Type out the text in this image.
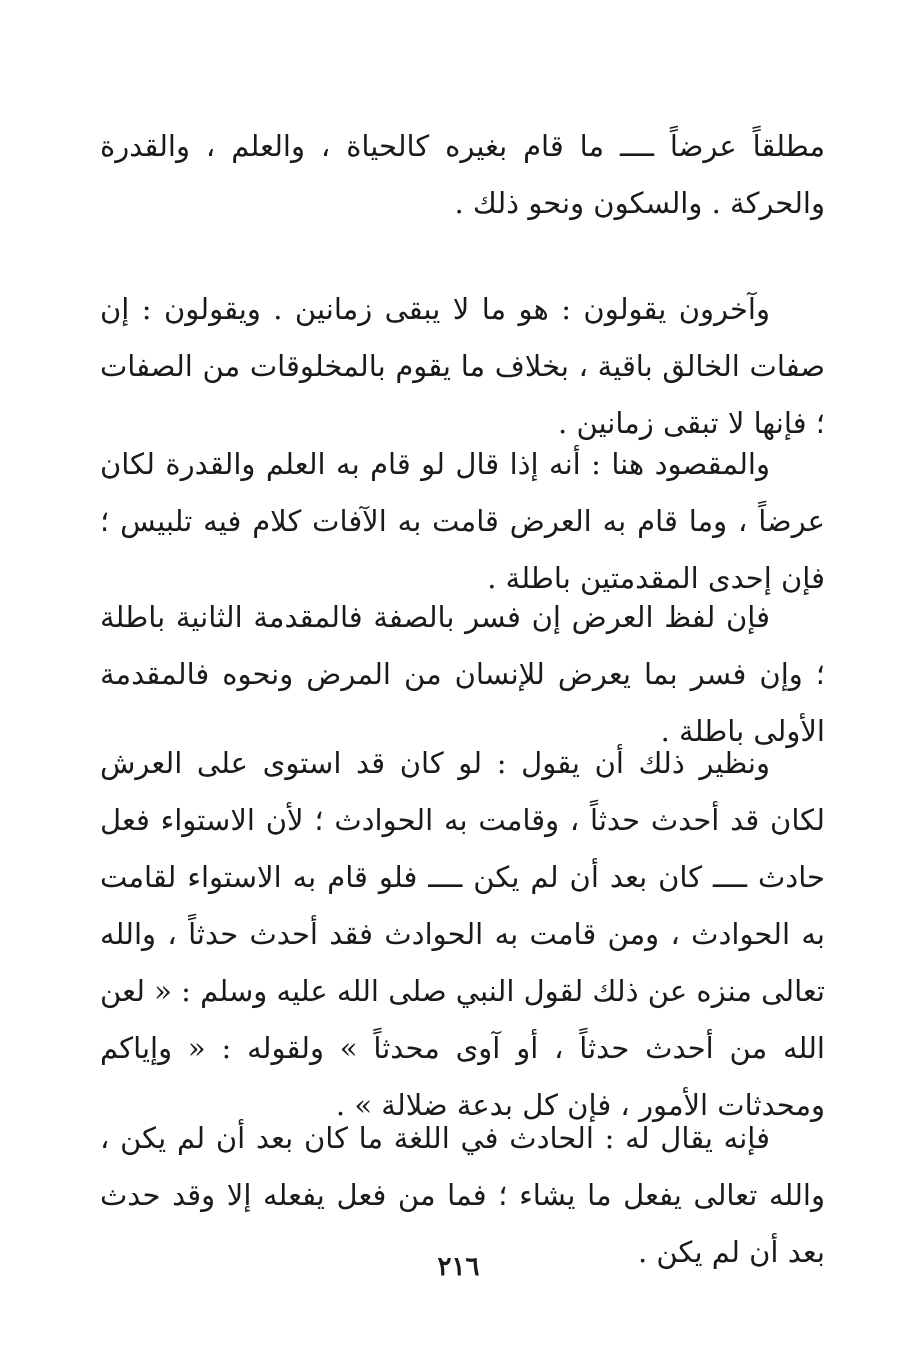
مطلقاً عرضاً ــــ ما قام بغيره كالحياة ، والعلم ، والقدرة والحركة . والسكون ونحو ذلك .

وآخرون يقولون : هو ما لا يبقى زمانين . ويقولون : إن صفات الخالق باقية ، بخلاف ما يقوم بالمخلوقات من الصفات ؛ فإنها لا تبقى زمانين .

والمقصود هنا : أنه إذا قال لو قام به العلم والقدرة لكان عرضاً ، وما قام به العرض قامت به الآفات كلام فيه تلبيس ؛ فإن إحدى المقدمتين باطلة .

فإن لفظ العرض إن فسر بالصفة فالمقدمة الثانية باطلة ؛ وإن فسر بما يعرض للإنسان من المرض ونحوه فالمقدمة الأولى باطلة .

ونظير ذلك أن يقول : لو كان قد استوى على العرش لكان قد أحدث حدثاً ، وقامت به الحوادث ؛ لأن الاستواء فعل حادث ــــ كان بعد أن لم يكن ــــ فلو قام به الاستواء لقامت به الحوادث ، ومن قامت به الحوادث فقد أحدث حدثاً ، والله تعالى منزه عن ذلك لقول النبي صلى الله عليه وسلم : « لعن الله من أحدث حدثاً ، أو آوى محدثاً » ولقوله : « وإياكم ومحدثات الأمور ، فإن كل بدعة ضلالة » .

فإنه يقال له : الحادث في اللغة ما كان بعد أن لم يكن ، والله تعالى يفعل ما يشاء ؛ فما من فعل يفعله إلا وقد حدث بعد أن لم يكن .

٢١٦
